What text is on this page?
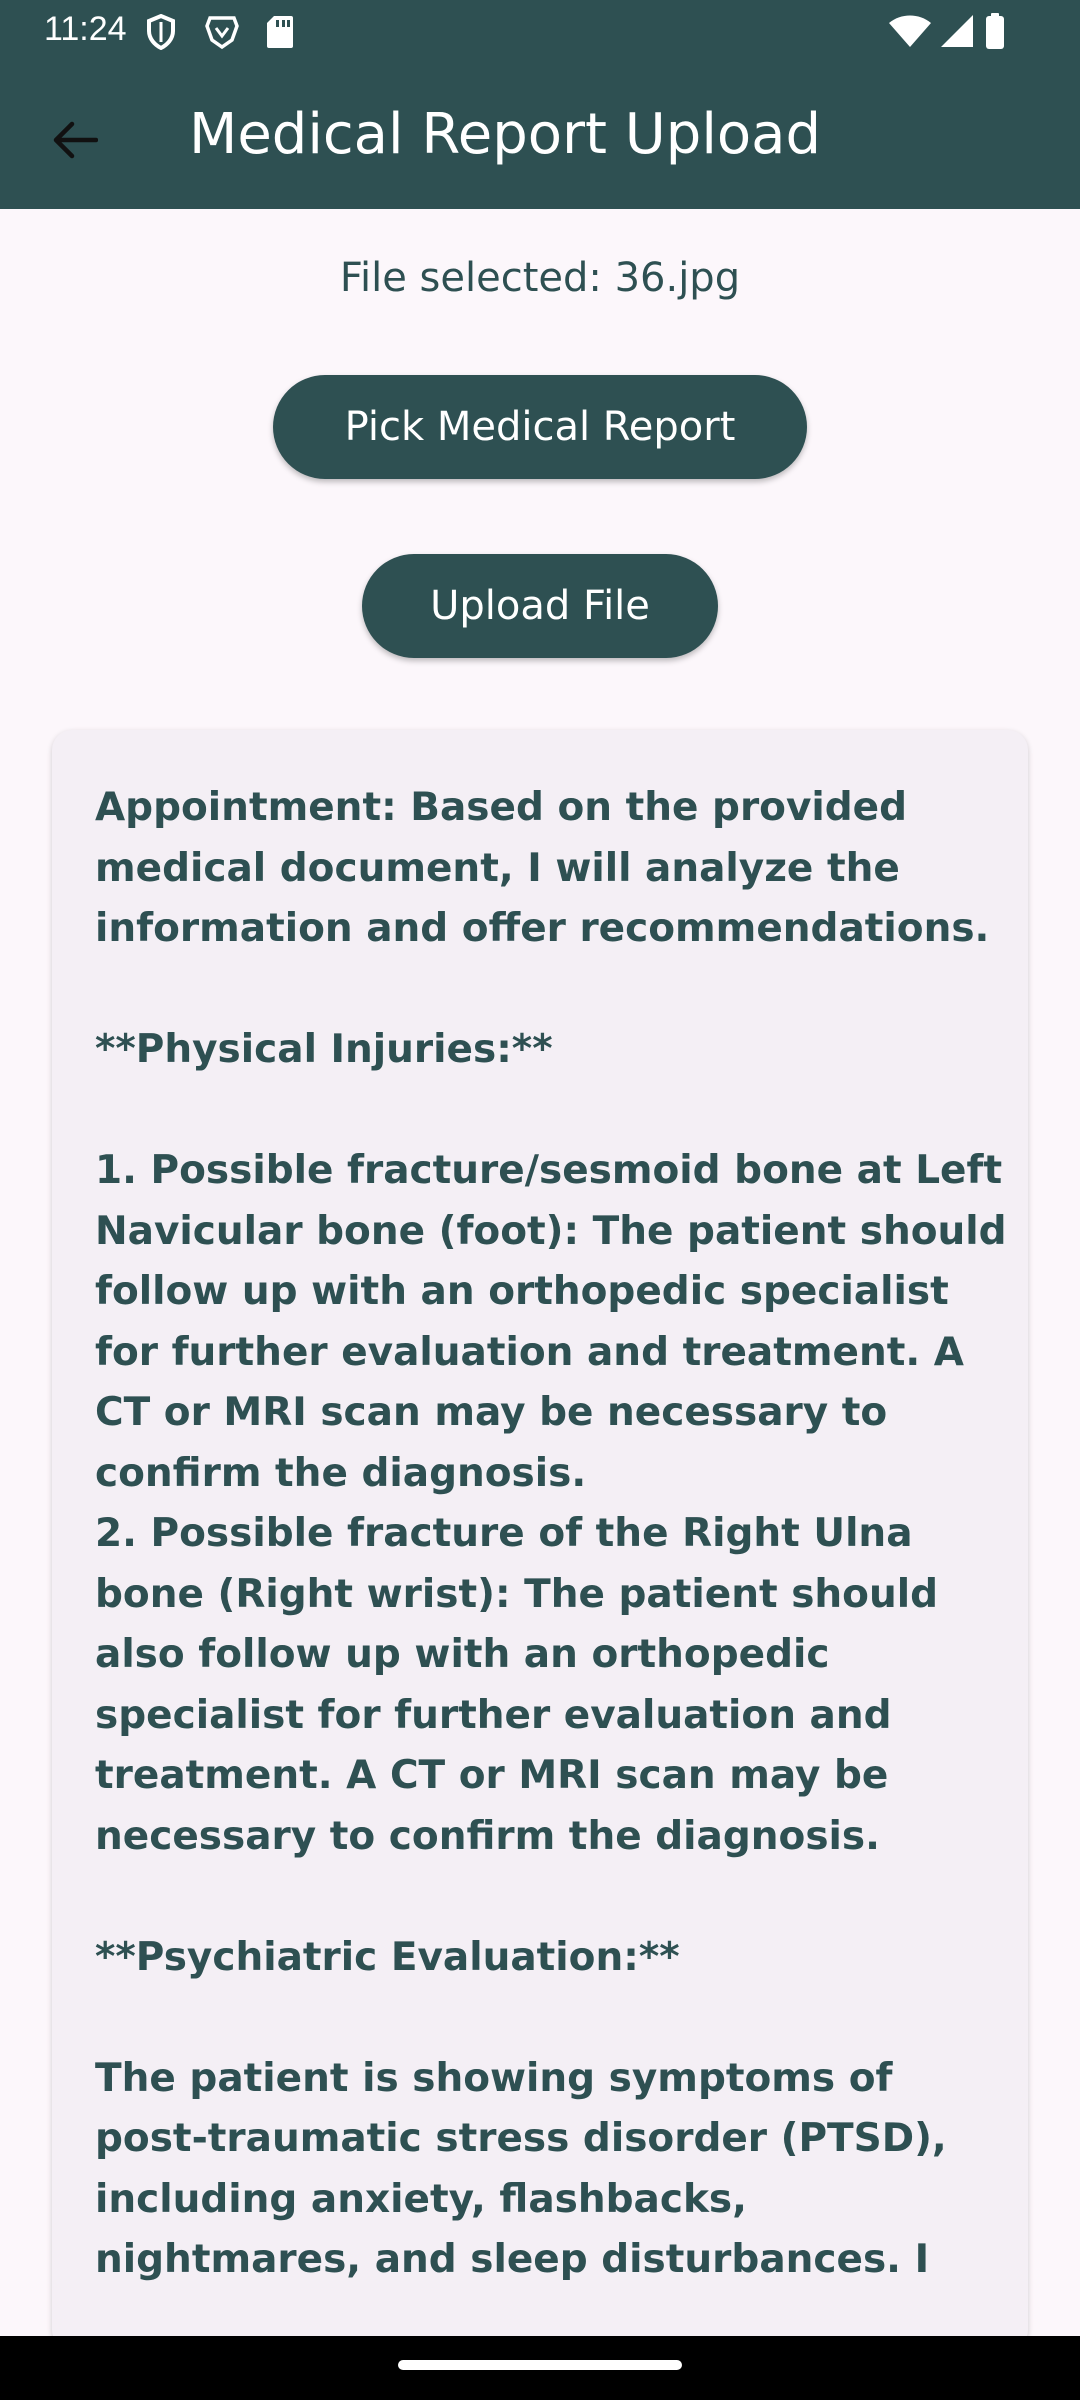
11:24
Medical Report Upload
File selected: 36.jpg
Pick Medical Report
Upload File
Appointment: Based on the provided medical document, I will analyze the information and offer recommendations.

**Physical Injuries:**

1. Possible fracture/sesmoid bone at Left Navicular bone (foot): The patient should follow up with an orthopedic specialist for further evaluation and treatment. A CT or MRI scan may be necessary to confirm the diagnosis.
2. Possible fracture of the Right Ulna bone (Right wrist): The patient should also follow up with an orthopedic specialist for further evaluation and treatment. A CT or MRI scan may be necessary to confirm the diagnosis.

**Psychiatric Evaluation:**

The patient is showing symptoms of post-traumatic stress disorder (PTSD), including anxiety, flashbacks, nightmares, and sleep disturbances. I
